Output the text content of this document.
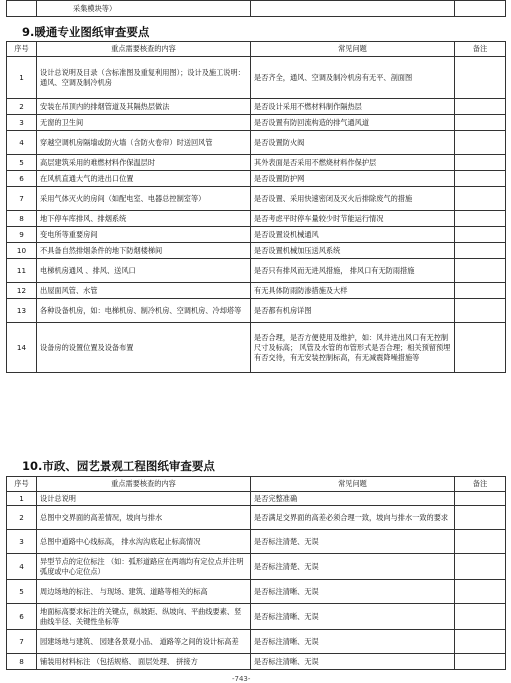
	采集模块等）		
9.暖通专业图纸审查要点
序号	重点需要核查的内容	常见问题	备注
1	设计总说明及目录（含标准图及重复利用图）；设计及施工说明：通风、空调及制冷机房	是否齐全，通风、空调及制冷机房有无平、剖面图	
2	安装在吊顶内的排烟管道及其隔热层做法	是否设计采用不燃材料制作隔热层	
3	无窗的卫生间	是否设置有防回流构造的排气通风道	
4	穿越空调机房隔墙或防火墙（含防火卷帘）时送回风管	是否设置防火阀	
5	高层建筑采用的难燃材料作保温层时	其外表面是否采用不燃烧材料作保护层	
6	在风机直通大气的进出口位置	是否设置防护网	
7	采用气体灭火的房间（如配电室、电器总控制室等）	是否设置、采用快速密闭及灭火后排除废气的措施	
8	地下停车库排风、排烟系统	是否考虑平时停车量较少时节能运行情况	
9	变电所等重要房间	是否设置设机械通风	
10	不具备自然排烟条件的地下防烟楼梯间	是否设置机械加压送风系统	
11	电梯机房通风 、排风、送风口	是否只有排风而无进风措施， 排风口有无防雨措施	
12	出屋面风管、水管	有无具体防雨防渗措施及大样	
13	各种设备机房，如：电梯机房、制冷机房、空调机房、冷却塔等	是否都有机房详图	
14	设备房的设置位置及设备布置	是否合理，是否方便使用及维护，如：风井进出风口有无控制尺寸及标高； 风管及水管的布管形式是否合理；相关预留预埋有否交待，有无安装控制标高，有无减震降噪措施等	
10.市政、园艺景观工程图纸审查要点
序号	重点需要核查的内容	常见问题	备注
1	设计总说明	是否完整准确	
2	总图中交界面的高差情况，坡向与排水	是否满足交界面的高差必须合理一致，坡向与排水一致的要求	
3	总图中道路中心线标高， 排水沟沟底起止标高情况	是否标注清楚、无误	
4	异型节点的定位标注 （如：弧形道路应在两端均有定位点并注明弧度或中心定位点）	是否标注清楚、无误	
5	周边场地的标注、 与现场、建筑、道路等相关的标高	是否标注清晰、无误	
6	地面标高要求标注的关键点，纵坡距、纵坡向、平曲线要素、竖曲线半径、关键性坐标等	是否标注清晰、无误	
7	园建场地与建筑、 园建各景观小品、 道路等之间的设计标高差	是否标注清晰、无误	
8	铺装用材料标注 （包括规格、 面层处理、 拼接方	是否标注清晰、无误	
-743-
